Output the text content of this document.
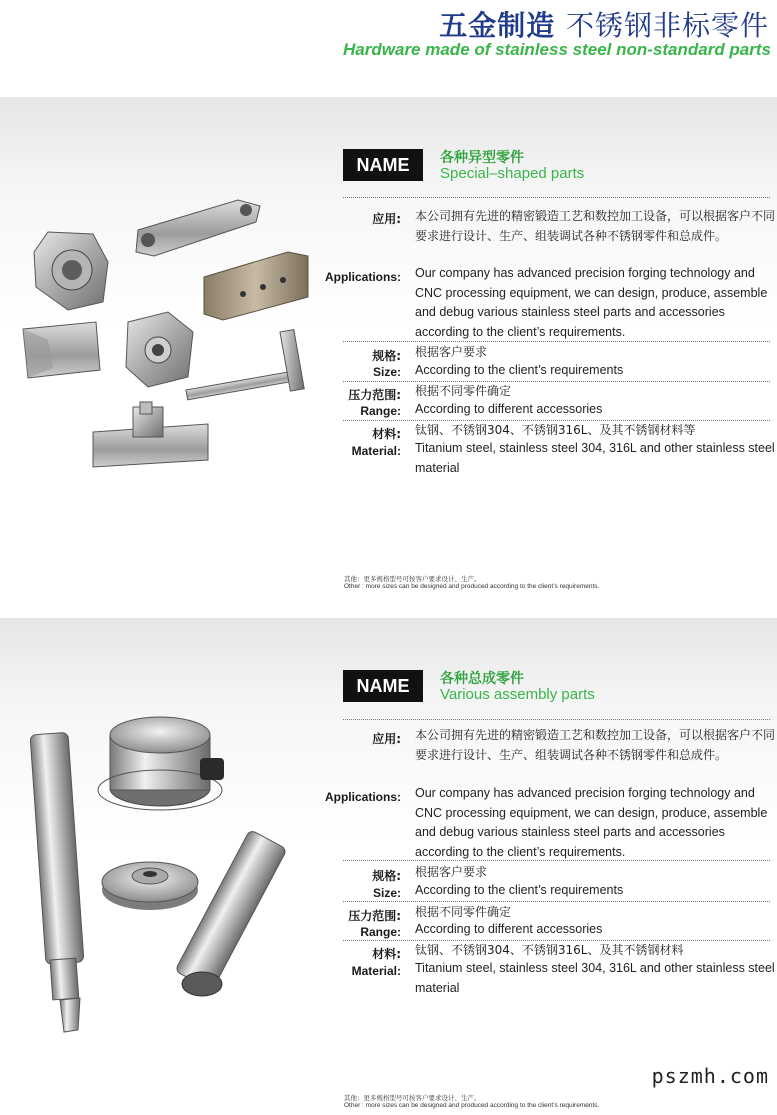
五金制造 不锈钢非标零件
Hardware made of stainless steel non-standard parts
NAME	各种异型零件
Special–shaped parts
应用: 本公司拥有先进的精密锻造工艺和数控加工设备，可以根据客户不同要求进行设计、生产、组装调试各种不锈钢零件和总成件。
Applications: Our company has advanced precision forging technology and CNC processing equipment, we can design, produce, assemble and debug various stainless steel parts and accessories according to the client’s requirements.
规格: 根据客户要求
Size: According to the client’s requirements
压力范围: 根据不同零件确定
Range: According to different accessories
材料: 钛钢、不锈钢304、不锈钢316L、及其不锈钢材料等
Material: Titanium steel, stainless steel 304, 316L and other stainless steel material
其他：更多规格型号可按客户要求设计、生产。
Other : more sizes can be designed and produced according to the client’s requirements.
NAME	各种总成零件
Various assembly parts
应用: 本公司拥有先进的精密锻造工艺和数控加工设备，可以根据客户不同要求进行设计、生产、组装调试各种不锈钢零件和总成件。
Applications: Our company has advanced precision forging technology and CNC processing equipment, we can design, produce, assemble and debug various stainless steel parts and accessories according to the client’s requirements.
规格: 根据客户要求
Size: According to the client’s requirements
压力范围: 根据不同零件确定
Range: According to different accessories
材料: 钛钢、不锈钢304、不锈钢316L、及其不锈钢材料
Material: Titanium steel, stainless steel 304, 316L and other stainless steel material
其他：更多规格型号可按客户要求设计、生产。
Other : more sizes can be designed and produced according to the client’s requirements.
pszmh.com
